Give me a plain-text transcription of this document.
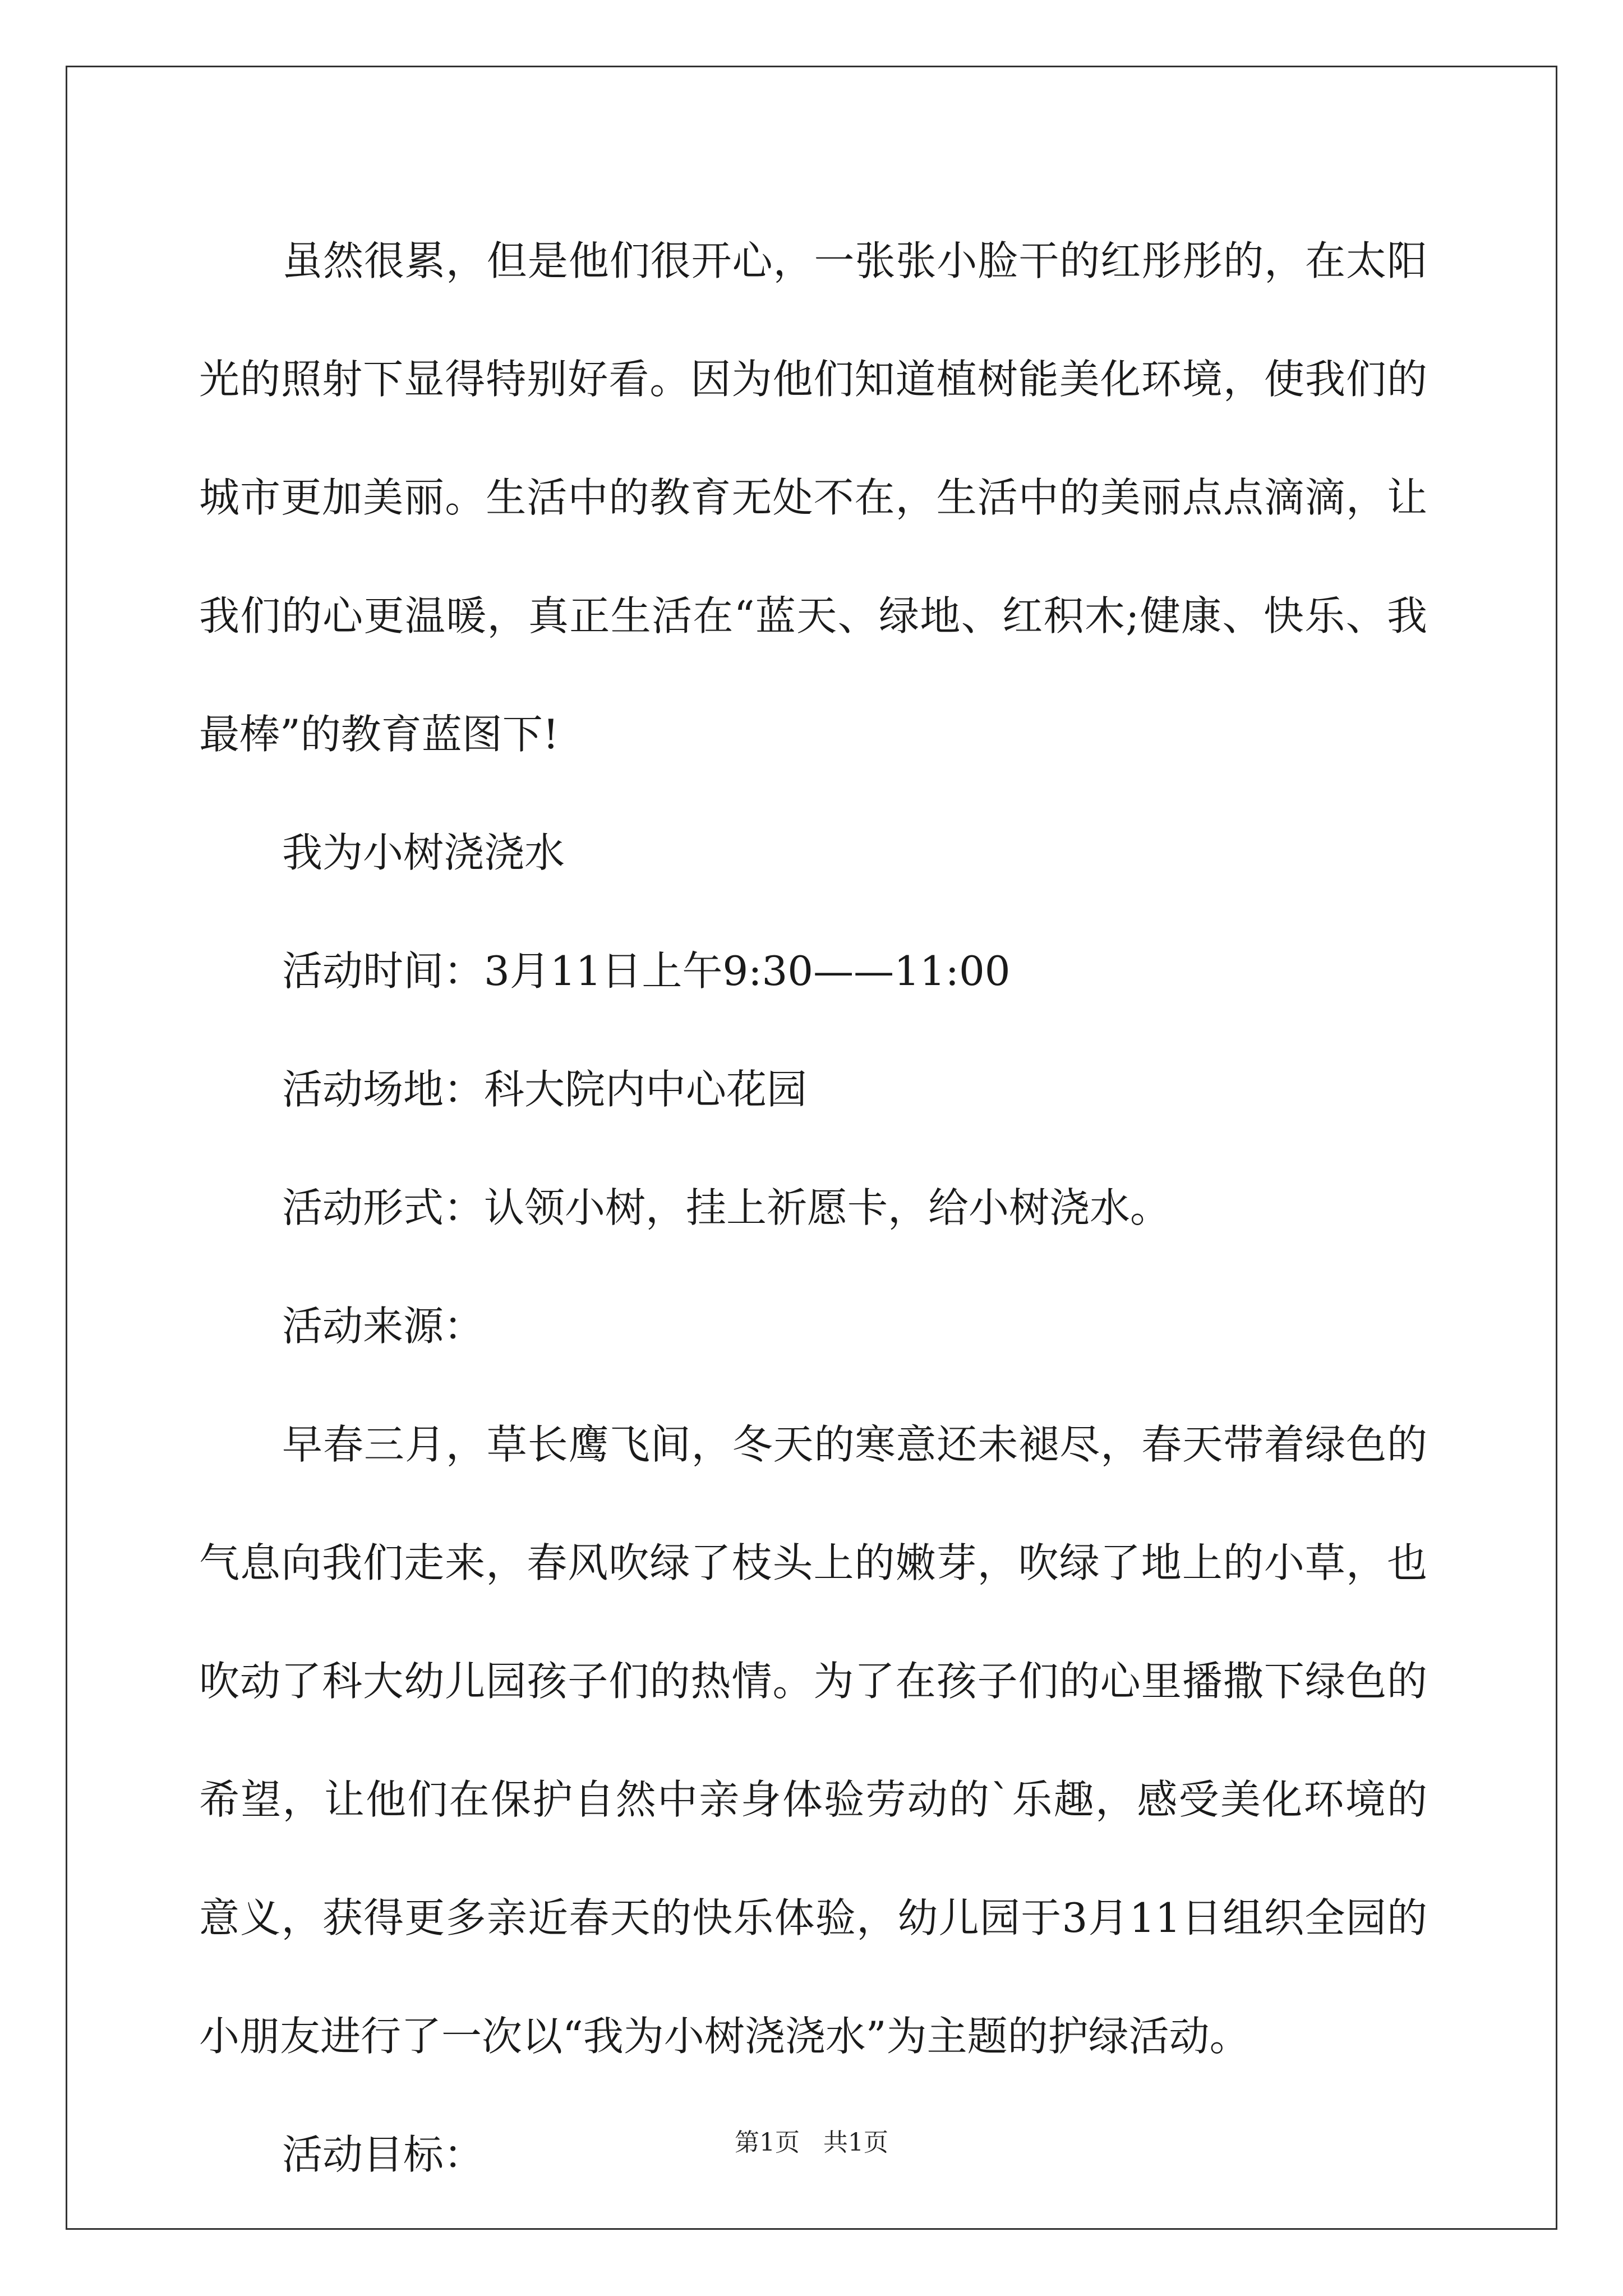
虽然很累，但是他们很开心，一张张小脸干的红彤彤的，在太阳光的照射下显得特别好看。因为他们知道植树能美化环境，使我们的城市更加美丽。生活中的教育无处不在，生活中的美丽点点滴滴，让我们的心更温暖，真正生活在“蓝天、绿地、红积木;健康、快乐、我最棒”的教育蓝图下!

我为小树浇浇水

活动时间：3月11日上午9:30——11:00

活动场地：科大院内中心花园

活动形式：认领小树，挂上祈愿卡，给小树浇水。

活动来源：

早春三月，草长鹰飞间，冬天的寒意还未褪尽，春天带着绿色的气息向我们走来，春风吹绿了枝头上的嫩芽，吹绿了地上的小草，也吹动了科大幼儿园孩子们的热情。为了在孩子们的心里播撒下绿色的希望，让他们在保护自然中亲身体验劳动的`乐趣，感受美化环境的意义，获得更多亲近春天的快乐体验，幼儿园于3月11日组织全园的小朋友进行了一次以“我为小树浇浇水”为主题的护绿活动。

活动目标：	第1页 共1页
